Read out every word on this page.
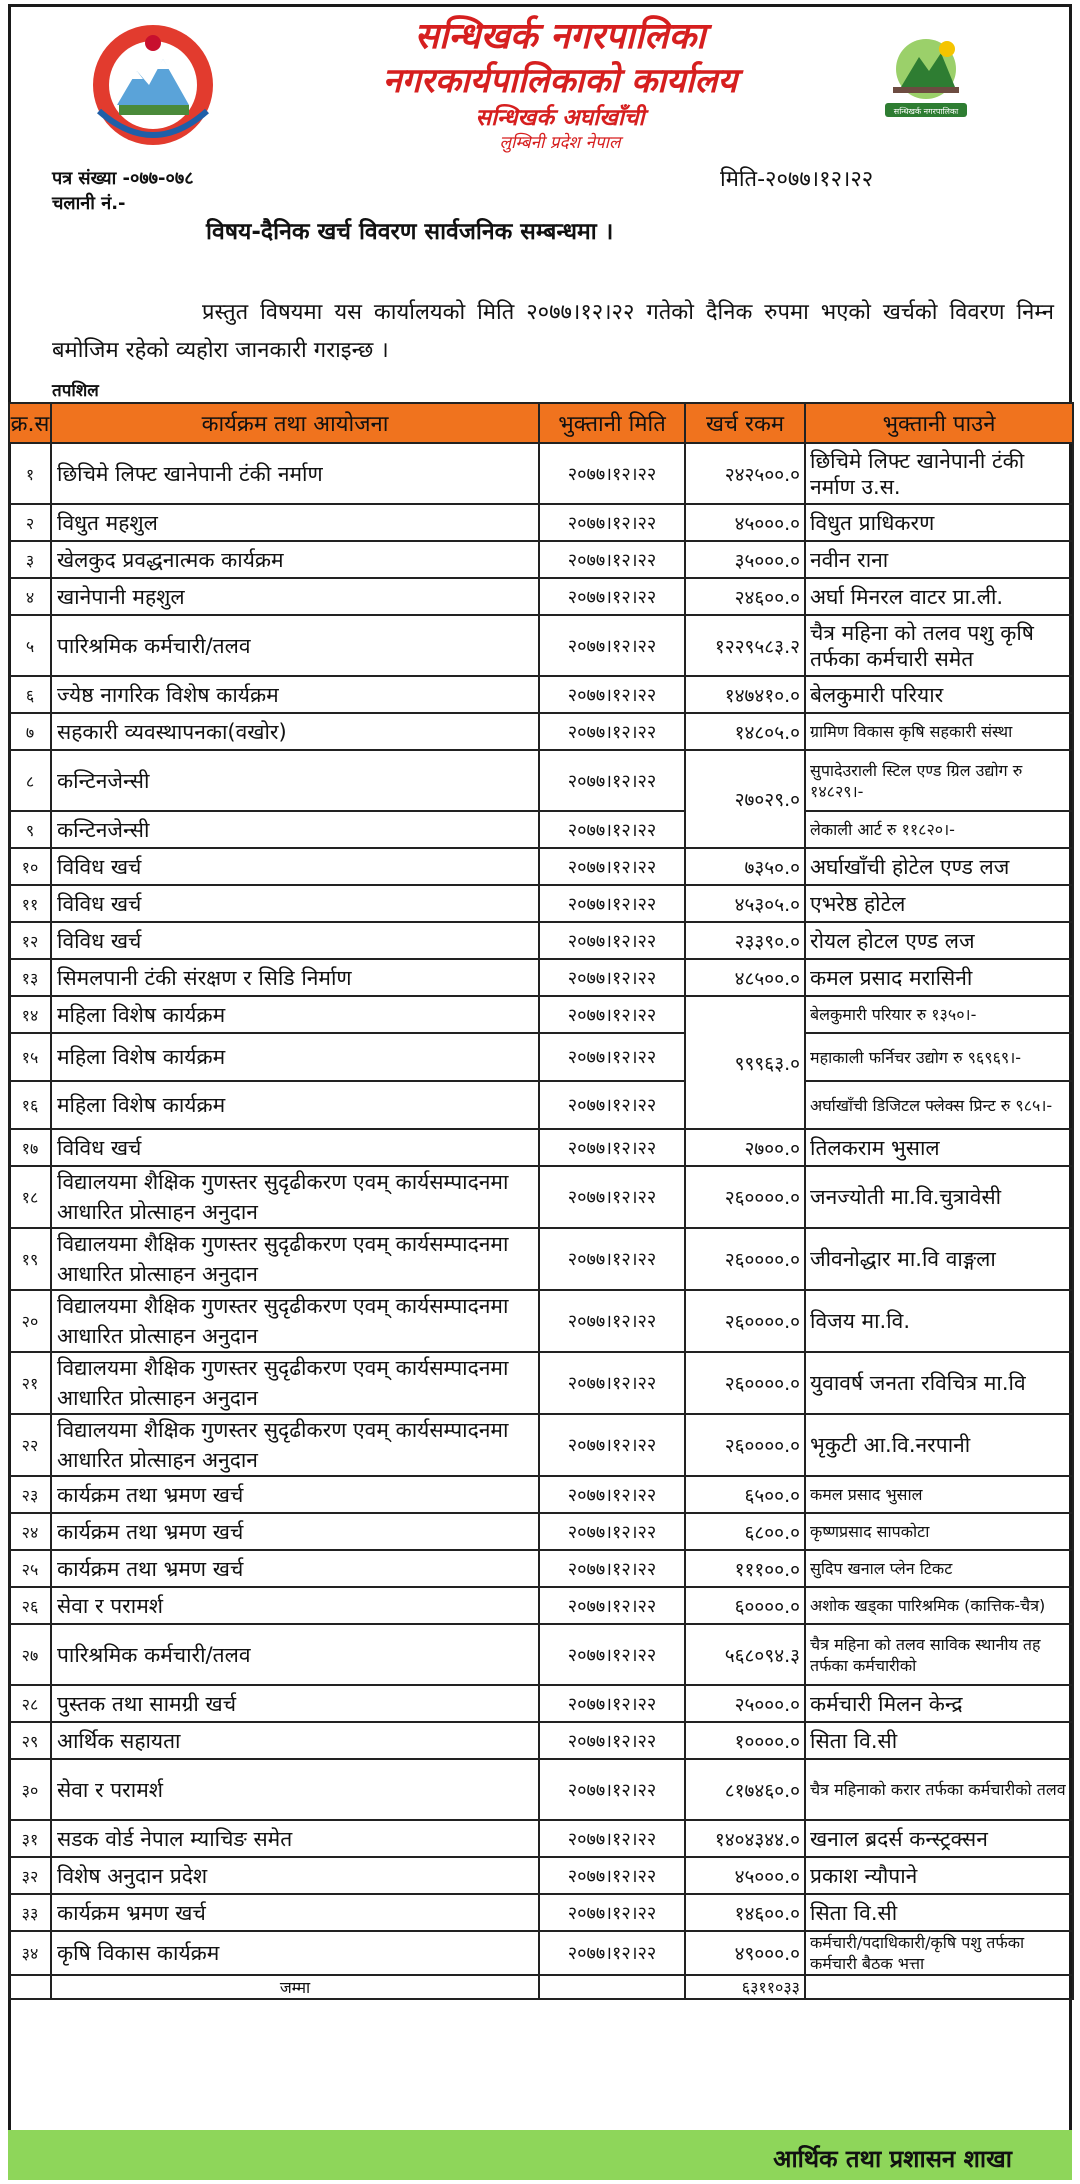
सन्धिखर्क नगरपालिका
सन्धिखर्क नगरपालिका
नगरकार्यपालिकाको कार्यालय
सन्धिखर्क अर्घाखाँची
लुम्बिनी प्रदेश नेपाल
पत्र संख्या -०७७-०७८
चलानी नं.-
मिति-२०७७।१२।२२
विषय-दैनिक खर्च विवरण सार्वजनिक सम्बन्धमा ।
प्रस्तुत विषयमा यस कार्यालयको मिति २०७७।१२।२२ गतेको दैनिक रुपमा भएको खर्चको विवरण निम्न बमोजिम रहेको व्यहोरा जानकारी गराइन्छ ।
तपशिल
क्र.स	कार्यक्रम तथा आयोजना	भुक्तानी मिति	खर्च रकम	भुक्तानी पाउने
१	छिचिमे लिफ्ट खानेपानी टंकी नर्माण	२०७७।१२।२२	२४२५००.०	छिचिमे लिफ्ट खानेपानी टंकी नर्माण उ.स.
२	विधुत महशुल	२०७७।१२।२२	४५०००.०	विधुत प्राधिकरण
३	खेलकुद प्रवद्धनात्मक कार्यक्रम	२०७७।१२।२२	३५०००.०	नवीन राना
४	खानेपानी महशुल	२०७७।१२।२२	२४६००.०	अर्घा मिनरल वाटर प्रा.ली.
५	पारिश्रमिक कर्मचारी/तलव	२०७७।१२।२२	१२२९५८३.२	चैत्र महिना को तलव पशु कृषि तर्फका कर्मचारी समेत
६	ज्येष्ठ नागरिक विशेष कार्यक्रम	२०७७।१२।२२	१४७४१०.०	बेलकुमारी परियार
७	सहकारी व्यवस्थापनका(वखोर)	२०७७।१२।२२	१४८०५.०	ग्रामिण विकास कृषि सहकारी संस्था
८	कन्टिनजेन्सी	२०७७।१२।२२	२७०२९.०	सुपादेउराली स्टिल एण्ड ग्रिल उद्योग रु १४८२९।-
९	कन्टिनजेन्सी	२०७७।१२।२२		लेकाली आर्ट रु ११८२०।-
१०	विविध खर्च	२०७७।१२।२२	७३५०.०	अर्घाखाँची होटेल एण्ड लज
११	विविध खर्च	२०७७।१२।२२	४५३०५.०	एभरेष्ठ होटेल
१२	विविध खर्च	२०७७।१२।२२	२३३९०.०	रोयल होटल एण्ड लज
१३	सिमलपानी टंकी संरक्षण र सिडि निर्माण	२०७७।१२।२२	४८५००.०	कमल प्रसाद मरासिनी
१४	महिला विशेष कार्यक्रम	२०७७।१२।२२	९९९६३.०	बेलकुमारी परियार रु १३५०।-
१५	महिला विशेष कार्यक्रम	२०७७।१२।२२		महाकाली फर्निचर उद्योग रु ९६९६९।-
१६	महिला विशेष कार्यक्रम	२०७७।१२।२२		अर्घाखाँची डिजिटल फ्लेक्स प्रिन्ट रु ९८५।-
१७	विविध खर्च	२०७७।१२।२२	२७००.०	तिलकराम भुसाल
१८	विद्यालयमा शैक्षिक गुणस्तर सुदृढीकरण एवम् कार्यसम्पादनमा आधारित प्रोत्साहन अनुदान	२०७७।१२।२२	२६००००.०	जनज्योती मा.वि.चुत्रावेसी
१९	विद्यालयमा शैक्षिक गुणस्तर सुदृढीकरण एवम् कार्यसम्पादनमा आधारित प्रोत्साहन अनुदान	२०७७।१२।२२	२६००००.०	जीवनोद्धार मा.वि वाङ्गला
२०	विद्यालयमा शैक्षिक गुणस्तर सुदृढीकरण एवम् कार्यसम्पादनमा आधारित प्रोत्साहन अनुदान	२०७७।१२।२२	२६००००.०	विजय मा.वि.
२१	विद्यालयमा शैक्षिक गुणस्तर सुदृढीकरण एवम् कार्यसम्पादनमा आधारित प्रोत्साहन अनुदान	२०७७।१२।२२	२६००००.०	युवावर्ष जनता रविचित्र मा.वि
२२	विद्यालयमा शैक्षिक गुणस्तर सुदृढीकरण एवम् कार्यसम्पादनमा आधारित प्रोत्साहन अनुदान	२०७७।१२।२२	२६००००.०	भृकुटी आ.वि.नरपानी
२३	कार्यक्रम तथा भ्रमण खर्च	२०७७।१२।२२	६५००.०	कमल प्रसाद भुसाल
२४	कार्यक्रम तथा भ्रमण खर्च	२०७७।१२।२२	६८००.०	कृष्णप्रसाद सापकोटा
२५	कार्यक्रम तथा भ्रमण खर्च	२०७७।१२।२२	१११००.०	सुदिप खनाल प्लेन टिकट
२६	सेवा र परामर्श	२०७७।१२।२२	६००००.०	अशोक खड्का पारिश्रमिक (कात्तिक-चैत्र)
२७	पारिश्रमिक कर्मचारी/तलव	२०७७।१२।२२	५६८०९४.३	चैत्र महिना को तलव साविक स्थानीय तह तर्फका कर्मचारीको
२८	पुस्तक तथा सामग्री खर्च	२०७७।१२।२२	२५०००.०	कर्मचारी मिलन केन्द्र
२९	आर्थिक सहायता	२०७७।१२।२२	१००००.०	सिता वि.सी
३०	सेवा र परामर्श	२०७७।१२।२२	८१७४६०.०	चैत्र महिनाको करार तर्फका कर्मचारीको तलव
३१	सडक वोर्ड नेपाल म्याचिङ समेत	२०७७।१२।२२	१४०४३४४.०	खनाल ब्रदर्स कन्स्ट्रक्सन
३२	विशेष अनुदान प्रदेश	२०७७।१२।२२	४५०००.०	प्रकाश न्यौपाने
३३	कार्यक्रम भ्रमण खर्च	२०७७।१२।२२	१४६००.०	सिता वि.सी
३४	कृषि विकास कार्यक्रम	२०७७।१२।२२	४९०००.०	कर्मचारी/पदाधिकारी/कृषि पशु तर्फका कर्मचारी बैठक भत्ता
	जम्मा		६३११०३३	
आर्थिक तथा प्रशासन शाखा
